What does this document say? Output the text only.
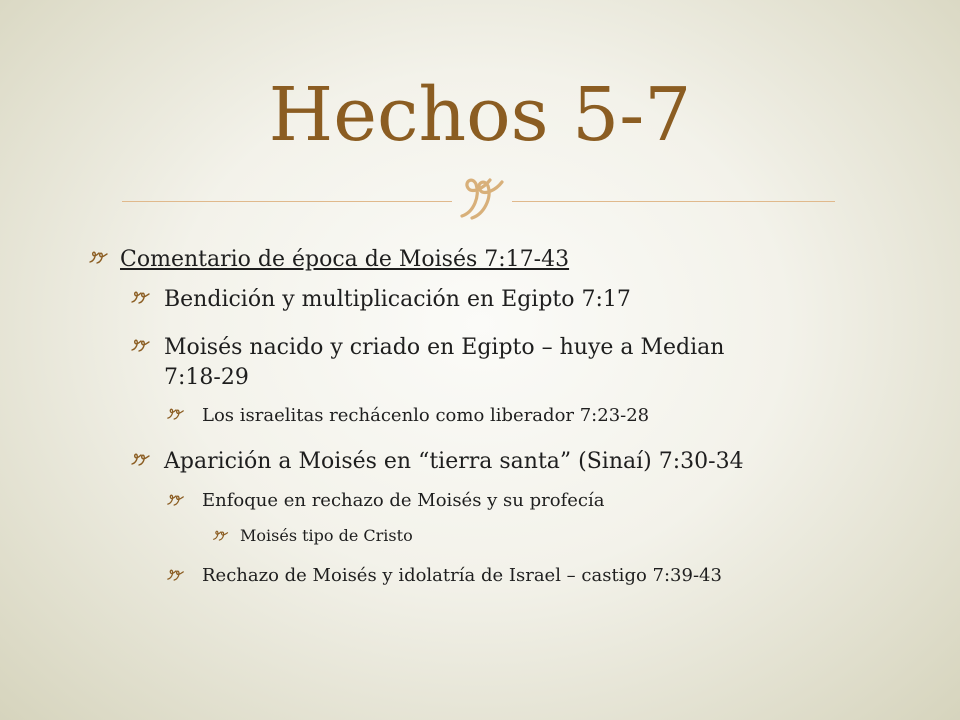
Hechos 5-7
Comentario de época de Moisés 7:17-43
Bendición y multiplicación en Egipto 7:17
Moisés nacido y criado en Egipto – huye a Median
7:18-29
Los israelitas rechácenlo como liberador 7:23-28
Aparición a Moisés en “tierra santa” (Sinaí) 7:30-34
Enfoque en rechazo de Moisés y su profecía
Moisés tipo de Cristo
Rechazo de Moisés y idolatría de Israel – castigo 7:39-43
